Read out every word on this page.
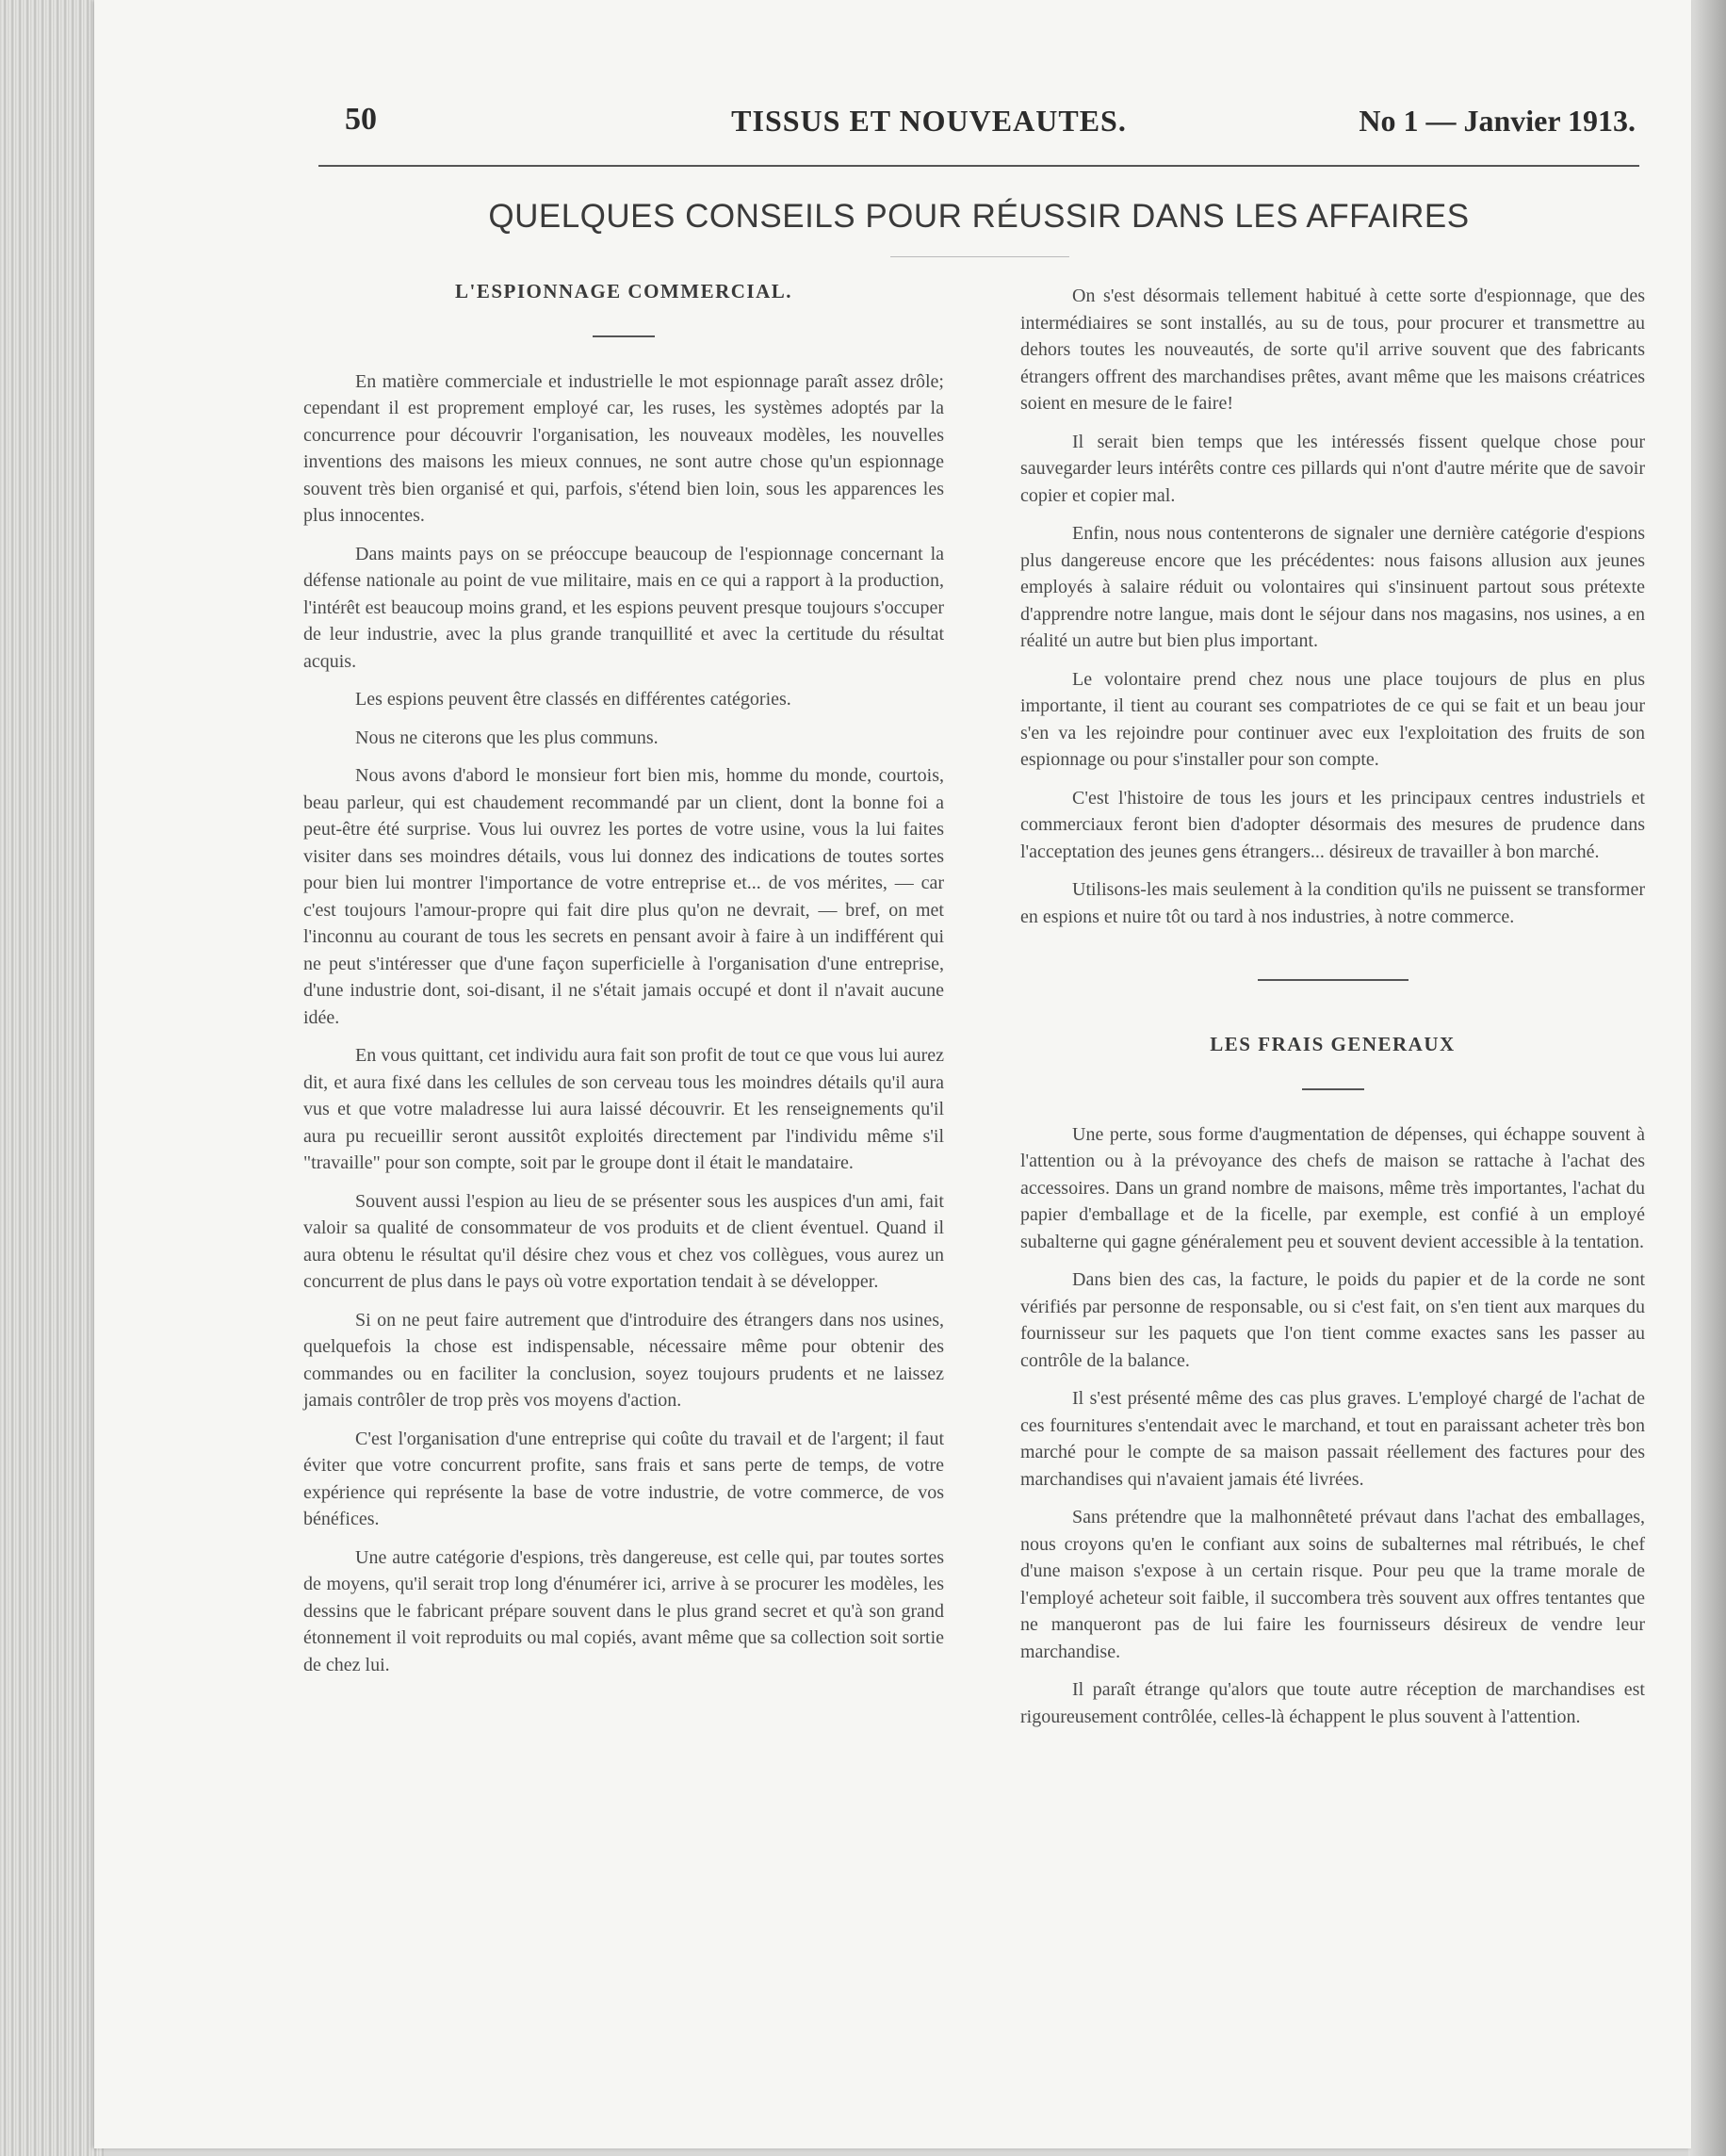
50	TISSUS ET NOUVEAUTES.	No 1 — Janvier 1913.
QUELQUES CONSEILS POUR RÉUSSIR DANS LES AFFAIRES
L'ESPIONNAGE COMMERCIAL.

En matière commerciale et industrielle le mot espionnage paraît assez drôle; cependant il est proprement employé car, les ruses, les systèmes adoptés par la concurrence pour découvrir l'organisation, les nouveaux modèles, les nouvelles inventions des maisons les mieux connues, ne sont autre chose qu'un espionnage souvent très bien organisé et qui, parfois, s'étend bien loin, sous les apparences les plus innocentes.

Dans maints pays on se préoccupe beaucoup de l'espionnage concernant la défense nationale au point de vue militaire, mais en ce qui a rapport à la production, l'intérêt est beaucoup moins grand, et les espions peuvent presque toujours s'occuper de leur industrie, avec la plus grande tranquillité et avec la certitude du résultat acquis.

Les espions peuvent être classés en différentes catégories.

Nous ne citerons que les plus communs.

Nous avons d'abord le monsieur fort bien mis, homme du monde, courtois, beau parleur, qui est chaudement recommandé par un client, dont la bonne foi a peut-être été surprise. Vous lui ouvrez les portes de votre usine, vous la lui faites visiter dans ses moindres détails, vous lui donnez des indications de toutes sortes pour bien lui montrer l'importance de votre entreprise et... de vos mérites, — car c'est toujours l'amour-propre qui fait dire plus qu'on ne devrait, — bref, on met l'inconnu au courant de tous les secrets en pensant avoir à faire à un indifférent qui ne peut s'intéresser que d'une façon superficielle à l'organisation d'une entreprise, d'une industrie dont, soi-disant, il ne s'était jamais occupé et dont il n'avait aucune idée.

En vous quittant, cet individu aura fait son profit de tout ce que vous lui aurez dit, et aura fixé dans les cellules de son cerveau tous les moindres détails qu'il aura vus et que votre maladresse lui aura laissé découvrir. Et les renseignements qu'il aura pu recueillir seront aussitôt exploités directement par l'individu même s'il "travaille" pour son compte, soit par le groupe dont il était le mandataire.

Souvent aussi l'espion au lieu de se présenter sous les auspices d'un ami, fait valoir sa qualité de consommateur de vos produits et de client éventuel. Quand il aura obtenu le résultat qu'il désire chez vous et chez vos collègues, vous aurez un concurrent de plus dans le pays où votre exportation tendait à se développer.

Si on ne peut faire autrement que d'introduire des étrangers dans nos usines, quelquefois la chose est indispensable, nécessaire même pour obtenir des commandes ou en faciliter la conclusion, soyez toujours prudents et ne laissez jamais contrôler de trop près vos moyens d'action.

C'est l'organisation d'une entreprise qui coûte du travail et de l'argent; il faut éviter que votre concurrent profite, sans frais et sans perte de temps, de votre expérience qui représente la base de votre industrie, de votre commerce, de vos bénéfices.

Une autre catégorie d'espions, très dangereuse, est celle qui, par toutes sortes de moyens, qu'il serait trop long d'énumérer ici, arrive à se procurer les modèles, les dessins que le fabricant prépare souvent dans le plus grand secret et qu'à son grand étonnement il voit reproduits ou mal copiés, avant même que sa collection soit sortie de chez lui.

On s'est désormais tellement habitué à cette sorte d'espionnage, que des intermédiaires se sont installés, au su de tous, pour procurer et transmettre au dehors toutes les nouveautés, de sorte qu'il arrive souvent que des fabricants étrangers offrent des marchandises prêtes, avant même que les maisons créatrices soient en mesure de le faire!

Il serait bien temps que les intéressés fissent quelque chose pour sauvegarder leurs intérêts contre ces pillards qui n'ont d'autre mérite que de savoir copier et copier mal.

Enfin, nous nous contenterons de signaler une dernière catégorie d'espions plus dangereuse encore que les précédentes: nous faisons allusion aux jeunes employés à salaire réduit ou volontaires qui s'insinuent partout sous prétexte d'apprendre notre langue, mais dont le séjour dans nos magasins, nos usines, a en réalité un autre but bien plus important.

Le volontaire prend chez nous une place toujours de plus en plus importante, il tient au courant ses compatriotes de ce qui se fait et un beau jour s'en va les rejoindre pour continuer avec eux l'exploitation des fruits de son espionnage ou pour s'installer pour son compte.

C'est l'histoire de tous les jours et les principaux centres industriels et commerciaux feront bien d'adopter désormais des mesures de prudence dans l'acceptation des jeunes gens étrangers... désireux de travailler à bon marché.

Utilisons-les mais seulement à la condition qu'ils ne puissent se transformer en espions et nuire tôt ou tard à nos industries, à notre commerce.

LES FRAIS GENERAUX

Une perte, sous forme d'augmentation de dépenses, qui échappe souvent à l'attention ou à la prévoyance des chefs de maison se rattache à l'achat des accessoires. Dans un grand nombre de maisons, même très importantes, l'achat du papier d'emballage et de la ficelle, par exemple, est confié à un employé subalterne qui gagne généralement peu et souvent devient accessible à la tentation.

Dans bien des cas, la facture, le poids du papier et de la corde ne sont vérifiés par personne de responsable, ou si c'est fait, on s'en tient aux marques du fournisseur sur les paquets que l'on tient comme exactes sans les passer au contrôle de la balance.

Il s'est présenté même des cas plus graves. L'employé chargé de l'achat de ces fournitures s'entendait avec le marchand, et tout en paraissant acheter très bon marché pour le compte de sa maison passait réellement des factures pour des marchandises qui n'avaient jamais été livrées.

Sans prétendre que la malhonnêteté prévaut dans l'achat des emballages, nous croyons qu'en le confiant aux soins de subalternes mal rétribués, le chef d'une maison s'expose à un certain risque. Pour peu que la trame morale de l'employé acheteur soit faible, il succombera très souvent aux offres tentantes que ne manqueront pas de lui faire les fournisseurs désireux de vendre leur marchandise.

Il paraît étrange qu'alors que toute autre réception de marchandises est rigoureusement contrôlée, celles-là échappent le plus souvent à l'attention.
